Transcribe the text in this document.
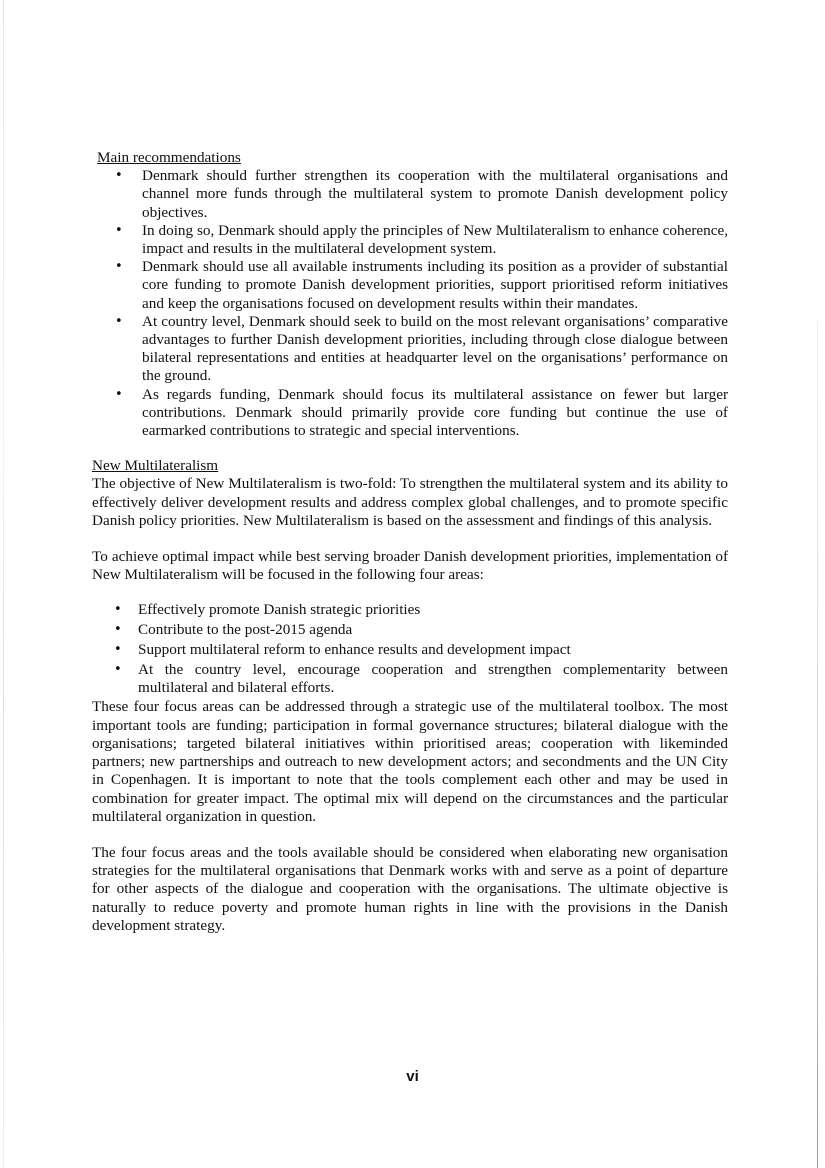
Main recommendations

• Denmark should further strengthen its cooperation with the multilateral organisations and channel more funds through the multilateral system to promote Danish development policy objectives.
• In doing so, Denmark should apply the principles of New Multilateralism to enhance coherence, impact and results in the multilateral development system.
• Denmark should use all available instruments including its position as a provider of substantial core funding to promote Danish development priorities, support prioritised reform initiatives and keep the organisations focused on development results within their mandates.
• At country level, Denmark should seek to build on the most relevant organisations’ comparative advantages to further Danish development priorities, including through close dialogue between bilateral representations and entities at headquarter level on the organisations’ performance on the ground.
• As regards funding, Denmark should focus its multilateral assistance on fewer but larger contributions. Denmark should primarily provide core funding but continue the use of earmarked contributions to strategic and special interventions.

New Multilateralism

The objective of New Multilateralism is two-fold: To strengthen the multilateral system and its ability to effectively deliver development results and address complex global challenges, and to promote specific Danish policy priorities. New Multilateralism is based on the assessment and findings of this analysis.

To achieve optimal impact while best serving broader Danish development priorities, implementation of New Multilateralism will be focused in the following four areas:

• Effectively promote Danish strategic priorities
• Contribute to the post-2015 agenda
• Support multilateral reform to enhance results and development impact
• At the country level, encourage cooperation and strengthen complementarity between multilateral and bilateral efforts.

These four focus areas can be addressed through a strategic use of the multilateral toolbox. The most important tools are funding; participation in formal governance structures; bilateral dialogue with the organisations; targeted bilateral initiatives within prioritised areas; cooperation with likeminded partners; new partnerships and outreach to new development actors; and secondments and the UN City in Copenhagen. It is important to note that the tools complement each other and may be used in combination for greater impact. The optimal mix will depend on the circumstances and the particular multilateral organization in question.

The four focus areas and the tools available should be considered when elaborating new organisation strategies for the multilateral organisations that Denmark works with and serve as a point of departure for other aspects of the dialogue and cooperation with the organisations. The ultimate objective is naturally to reduce poverty and promote human rights in line with the provisions in the Danish development strategy.

vi
